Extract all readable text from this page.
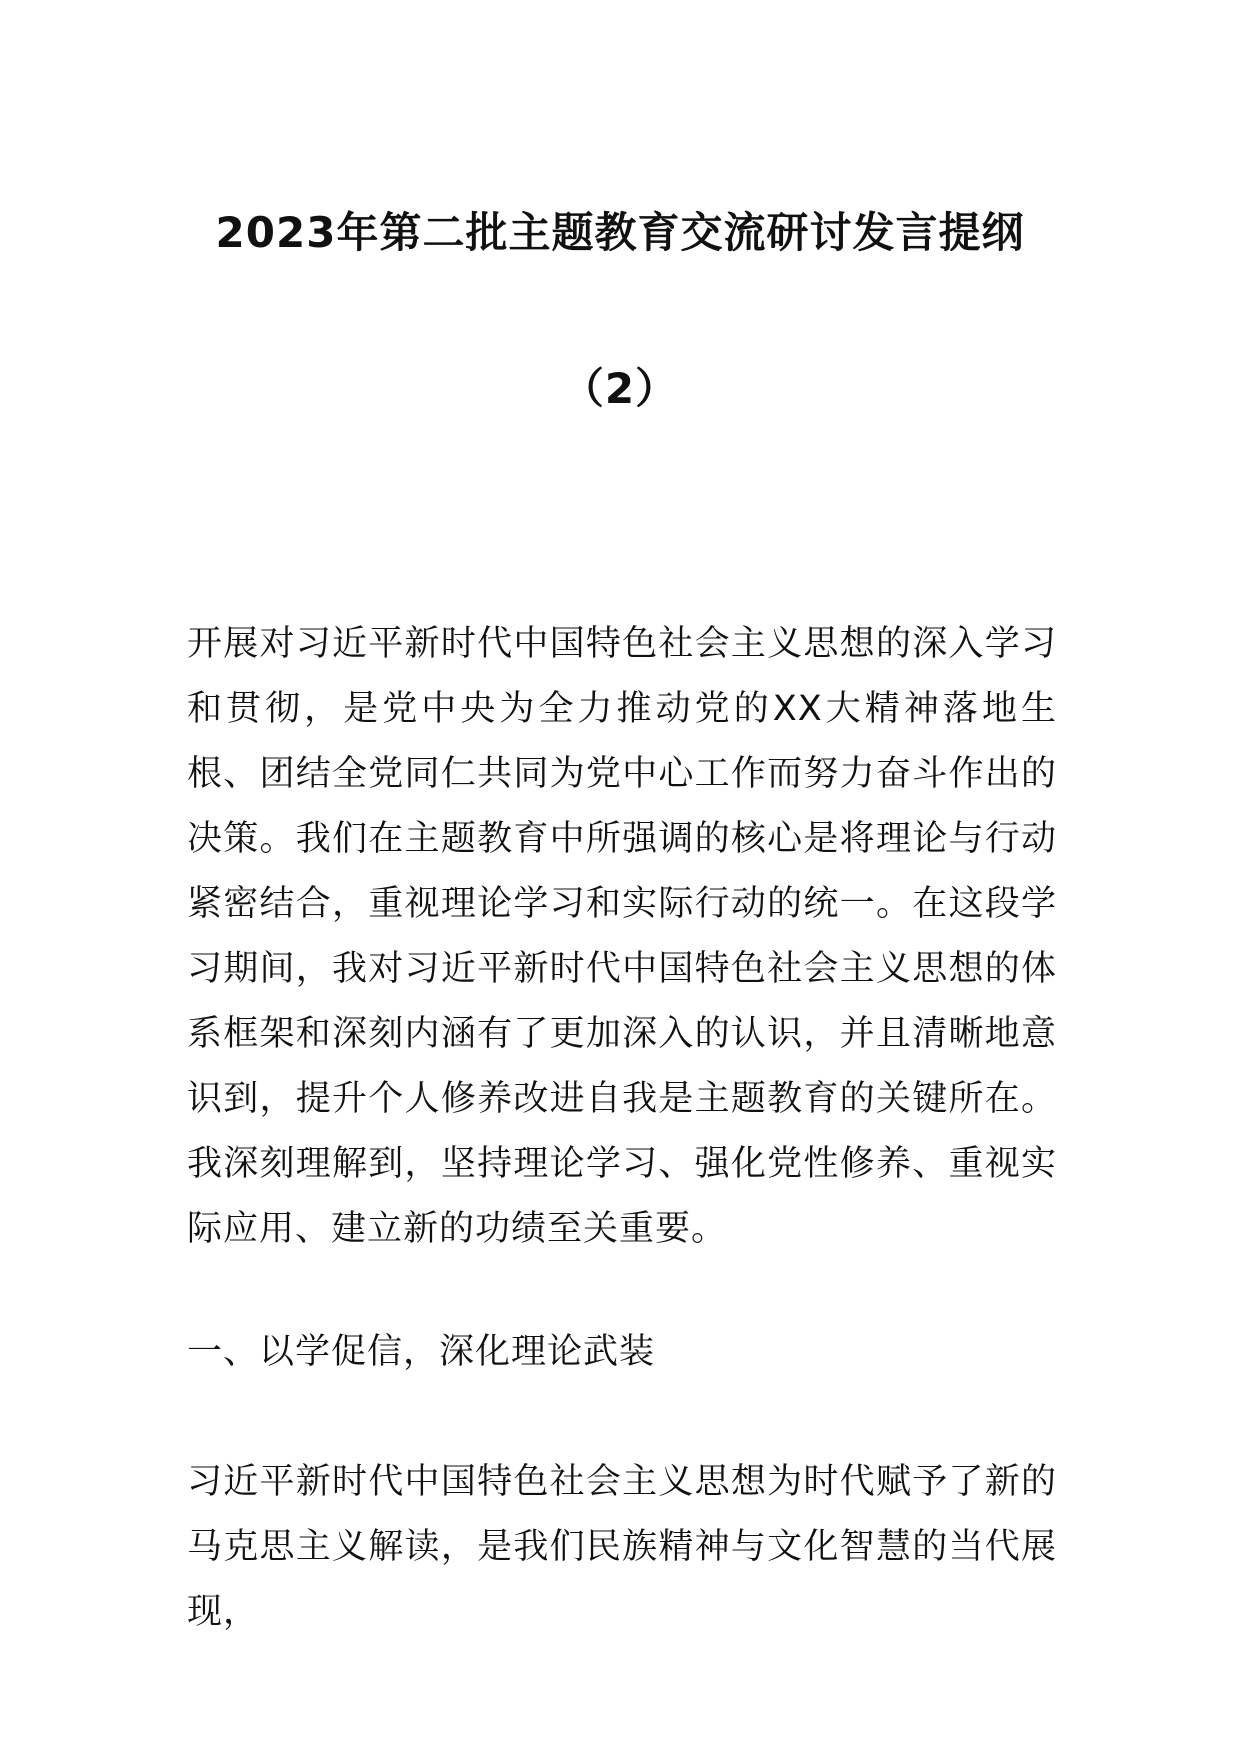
2023年第二批主题教育交流研讨发言提纲
（2）

开展对习近平新时代中国特色社会主义思想的深入学习和贯彻，是党中央为全力推动党的XX大精神落地生根、团结全党同仁共同为党中心工作而努力奋斗作出的决策。我们在主题教育中所强调的核心是将理论与行动紧密结合，重视理论学习和实际行动的统一。在这段学习期间，我对习近平新时代中国特色社会主义思想的体系框架和深刻内涵有了更加深入的认识，并且清晰地意识到，提升个人修养改进自我是主题教育的关键所在。我深刻理解到，坚持理论学习、强化党性修养、重视实际应用、建立新的功绩至关重要。

一、以学促信，深化理论武装

习近平新时代中国特色社会主义思想为时代赋予了新的马克思主义解读，是我们民族精神与文化智慧的当代展现，
